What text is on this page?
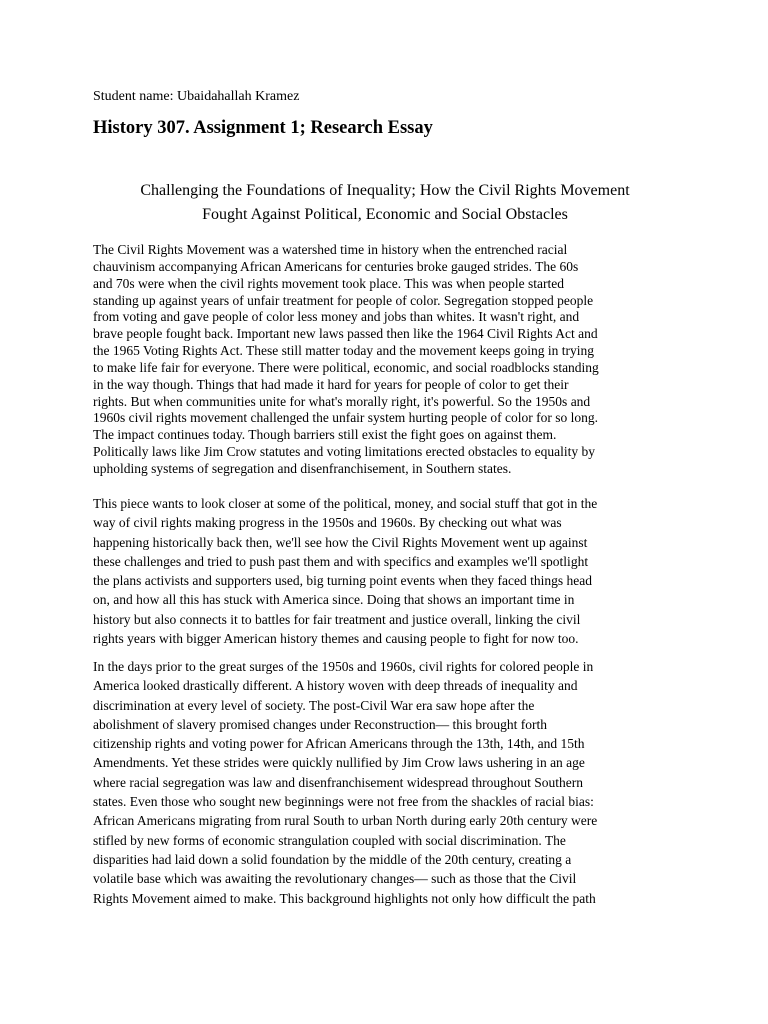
Student name: Ubaidahallah Kramez
History 307. Assignment 1; Research Essay
Challenging the Foundations of Inequality; How the Civil Rights Movement
Fought Against Political, Economic and Social Obstacles
The Civil Rights Movement was a watershed time in history when the entrenched racial
chauvinism accompanying African Americans for centuries broke gauged strides. The 60s
and 70s were when the civil rights movement took place. This was when people started
standing up against years of unfair treatment for people of color. Segregation stopped people
from voting and gave people of color less money and jobs than whites. It wasn't right, and
brave people fought back. Important new laws passed then like the 1964 Civil Rights Act and
the 1965 Voting Rights Act. These still matter today and the movement keeps going in trying
to make life fair for everyone. There were political, economic, and social roadblocks standing
in the way though. Things that had made it hard for years for people of color to get their
rights. But when communities unite for what's morally right, it's powerful. So the 1950s and
1960s civil rights movement challenged the unfair system hurting people of color for so long.
The impact continues today. Though barriers still exist the fight goes on against them.
Politically laws like Jim Crow statutes and voting limitations erected obstacles to equality by
upholding systems of segregation and disenfranchisement, in Southern states.
This piece wants to look closer at some of the political, money, and social stuff that got in the
way of civil rights making progress in the 1950s and 1960s. By checking out what was
happening historically back then, we'll see how the Civil Rights Movement went up against
these challenges and tried to push past them and with specifics and examples we'll spotlight
the plans activists and supporters used, big turning point events when they faced things head
on, and how all this has stuck with America since. Doing that shows an important time in
history but also connects it to battles for fair treatment and justice overall, linking the civil
rights years with bigger American history themes and causing people to fight for now too.
In the days prior to the great surges of the 1950s and 1960s, civil rights for colored people in
America looked drastically different. A history woven with deep threads of inequality and
discrimination at every level of society. The post-Civil War era saw hope after the
abolishment of slavery promised changes under Reconstruction— this brought forth
citizenship rights and voting power for African Americans through the 13th, 14th, and 15th
Amendments. Yet these strides were quickly nullified by Jim Crow laws ushering in an age
where racial segregation was law and disenfranchisement widespread throughout Southern
states. Even those who sought new beginnings were not free from the shackles of racial bias:
African Americans migrating from rural South to urban North during early 20th century were
stifled by new forms of economic strangulation coupled with social discrimination. The
disparities had laid down a solid foundation by the middle of the 20th century, creating a
volatile base which was awaiting the revolutionary changes— such as those that the Civil
Rights Movement aimed to make. This background highlights not only how difficult the path
